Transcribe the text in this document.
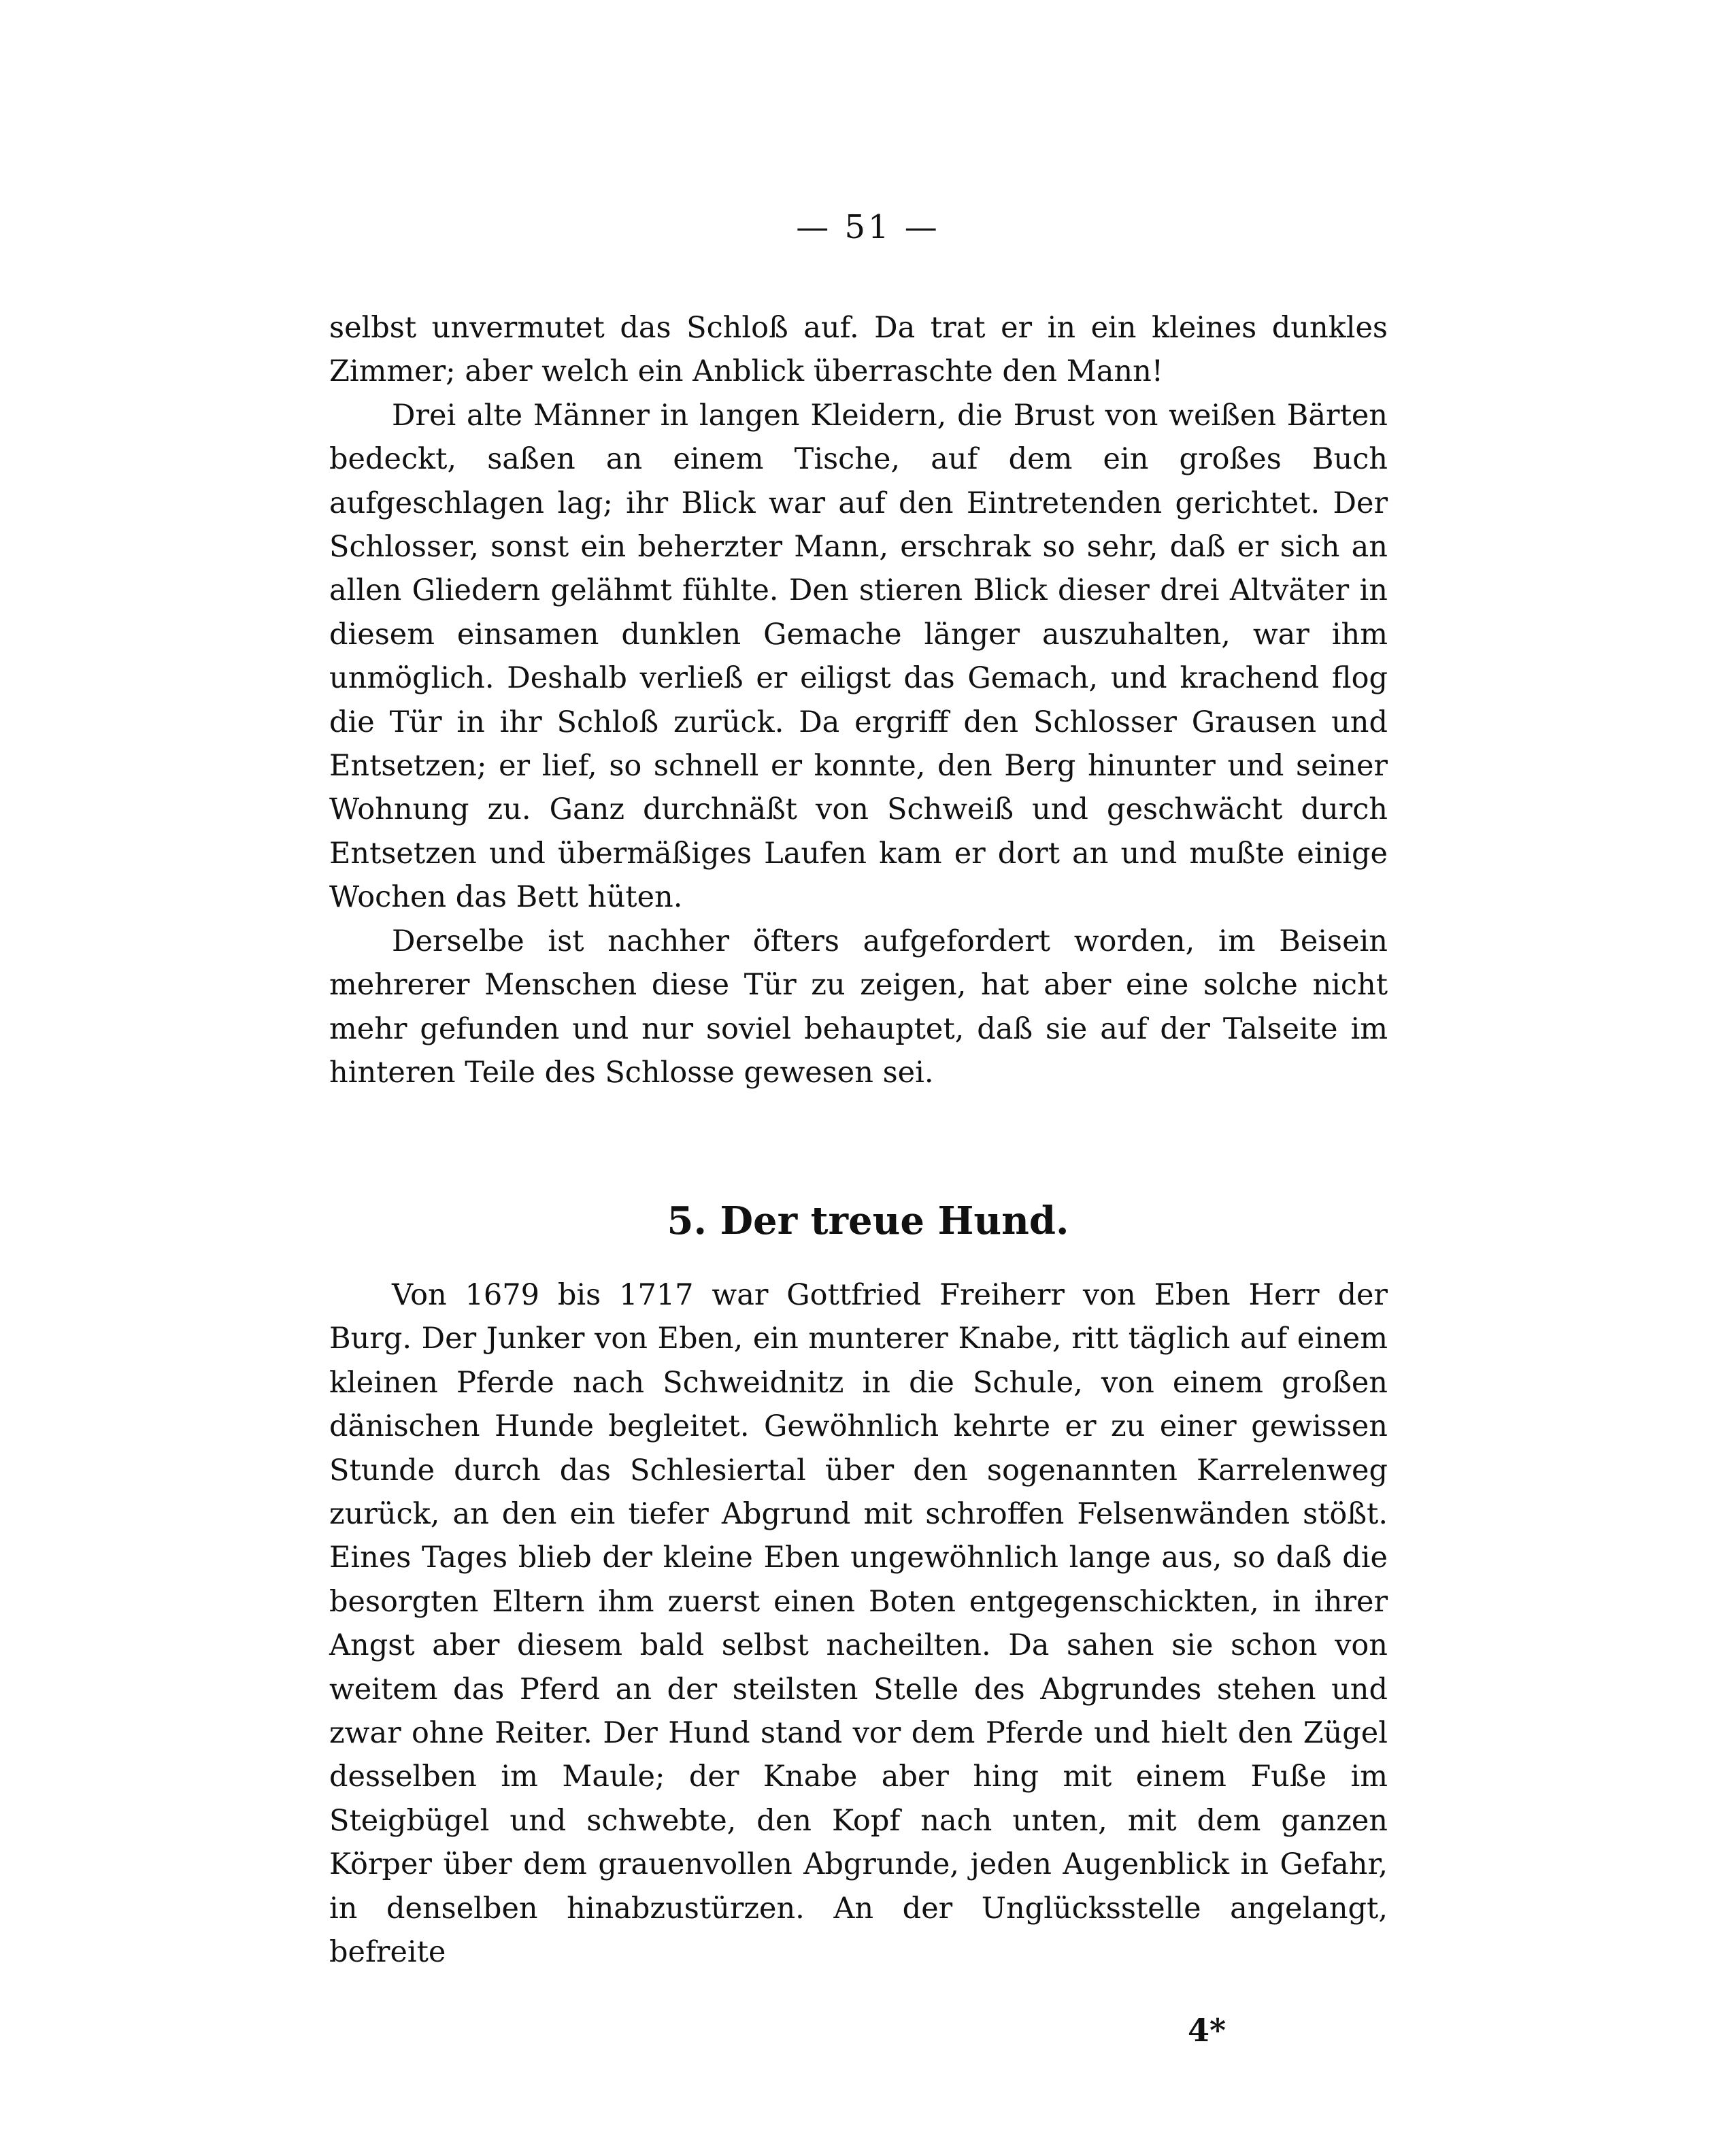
— 51 —

selbst unvermutet das Schloß auf. Da trat er in ein kleines dunkles Zimmer; aber welch ein Anblick überraschte den Mann!

Drei alte Männer in langen Kleidern, die Brust von weißen Bärten bedeckt, saßen an einem Tische, auf dem ein großes Buch aufgeschlagen lag; ihr Blick war auf den Eintretenden gerichtet. Der Schlosser, sonst ein beherzter Mann, erschrak so sehr, daß er sich an allen Gliedern gelähmt fühlte. Den stieren Blick dieser drei Altväter in diesem einsamen dunklen Gemache länger auszuhalten, war ihm unmöglich. Deshalb verließ er eiligst das Gemach, und krachend flog die Tür in ihr Schloß zurück. Da ergriff den Schlosser Grausen und Entsetzen; er lief, so schnell er konnte, den Berg hinunter und seiner Wohnung zu. Ganz durchnäßt von Schweiß und geschwächt durch Entsetzen und übermäßiges Laufen kam er dort an und mußte einige Wochen das Bett hüten.

Derselbe ist nachher öfters aufgefordert worden, im Beisein mehrerer Menschen diese Tür zu zeigen, hat aber eine solche nicht mehr gefunden und nur soviel behauptet, daß sie auf der Talseite im hinteren Teile des Schlosse gewesen sei.

5. Der treue Hund.

Von 1679 bis 1717 war Gottfried Freiherr von Eben Herr der Burg. Der Junker von Eben, ein munterer Knabe, ritt täglich auf einem kleinen Pferde nach Schweidnitz in die Schule, von einem großen dänischen Hunde begleitet. Gewöhnlich kehrte er zu einer gewissen Stunde durch das Schlesiertal über den sogenannten Karrelenweg zurück, an den ein tiefer Abgrund mit schroffen Felsenwänden stößt. Eines Tages blieb der kleine Eben ungewöhnlich lange aus, so daß die besorgten Eltern ihm zuerst einen Boten entgegenschickten, in ihrer Angst aber diesem bald selbst nacheilten. Da sahen sie schon von weitem das Pferd an der steilsten Stelle des Abgrundes stehen und zwar ohne Reiter. Der Hund stand vor dem Pferde und hielt den Zügel desselben im Maule; der Knabe aber hing mit einem Fuße im Steigbügel und schwebte, den Kopf nach unten, mit dem ganzen Körper über dem grauenvollen Abgrunde, jeden Augenblick in Gefahr, in denselben hinabzustürzen. An der Unglücksstelle angelangt, befreite

4*
